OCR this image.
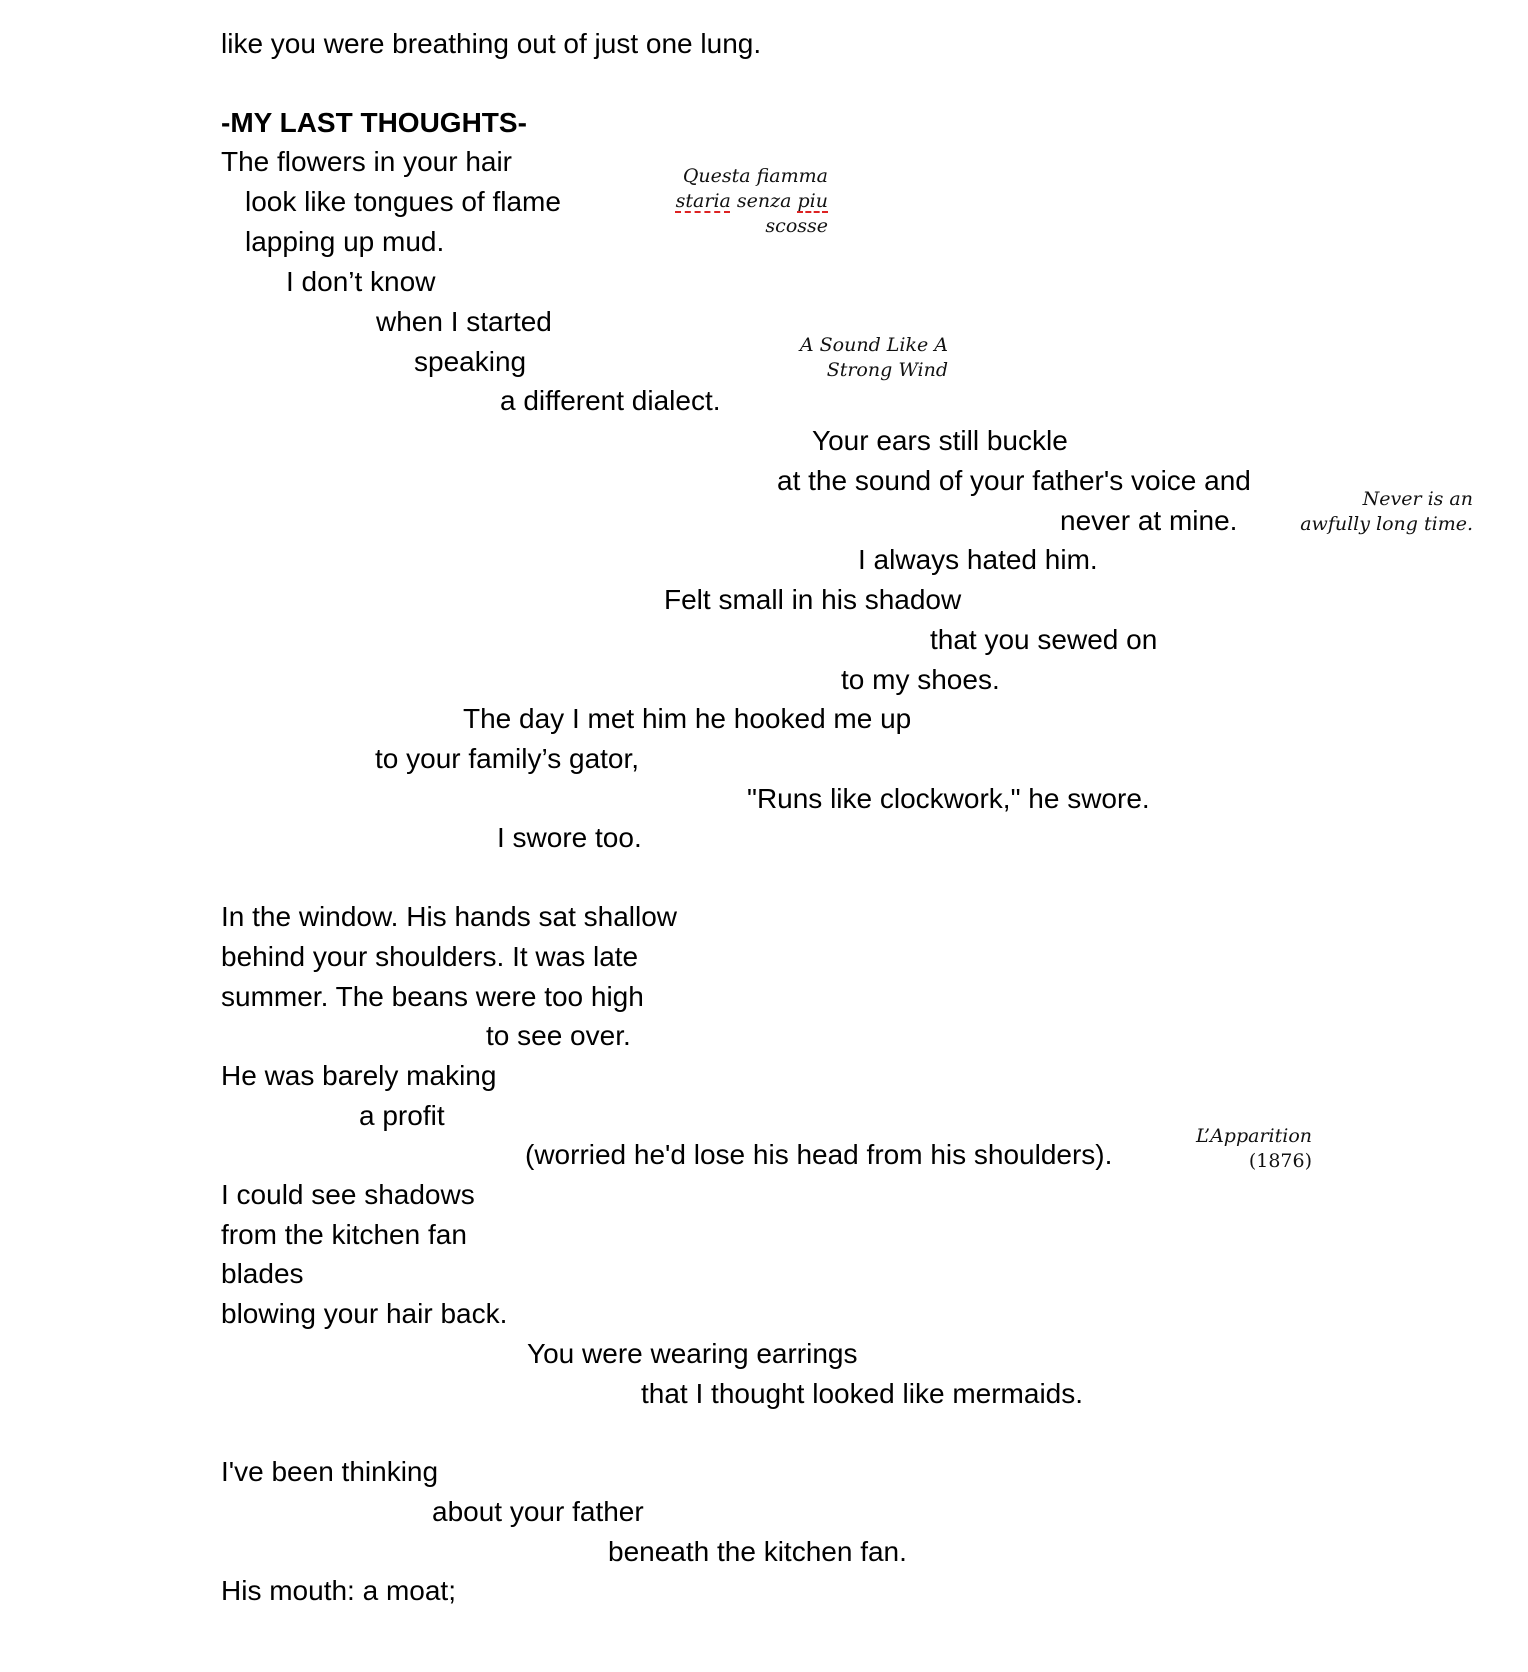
like you were breathing out of just one lung.
-MY LAST THOUGHTS-
The flowers in your hair
look like tongues of flame
lapping up mud.
I don’t know
when I started
speaking
a different dialect.
Your ears still buckle
at the sound of your father's voice and
never at mine.
I always hated him.
Felt small in his shadow
that you sewed on
to my shoes.
The day I met him he hooked me up
to your family’s gator,
"Runs like clockwork," he swore.
I swore too.
In the window. His hands sat shallow
behind your shoulders. It was late
summer. The beans were too high
to see over.
He was barely making
a profit
(worried he'd lose his head from his shoulders).
I could see shadows
from the kitchen fan
blades
blowing your hair back.
You were wearing earrings
that I thought looked like mermaids.
I've been thinking
about your father
beneath the kitchen fan.
His mouth: a moat;
Questa fiamma
staria senza piu
scosse
A Sound Like A
Strong Wind
Never is an
awfully long time.
L’Apparition
(1876)
